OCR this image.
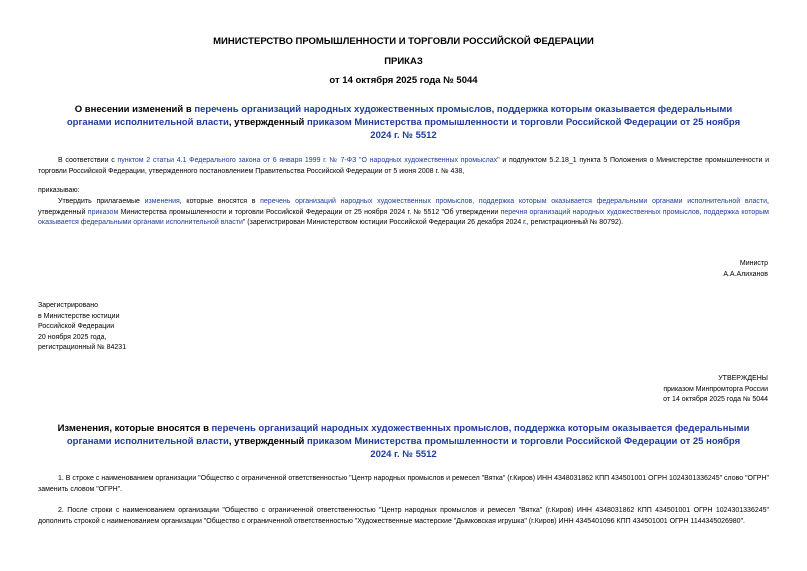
МИНИСТЕРСТВО ПРОМЫШЛЕННОСТИ И ТОРГОВЛИ РОССИЙСКОЙ ФЕДЕРАЦИИ
ПРИКАЗ
от 14 октября 2025 года № 5044
О внесении изменений в перечень организаций народных художественных промыслов, поддержка которым оказывается федеральными органами исполнительной власти, утвержденный приказом Министерства промышленности и торговли Российской Федерации от 25 ноября 2024 г. № 5512
В соответствии с пунктом 2 статьи 4.1 Федерального закона от 6 января 1999 г. № 7-ФЗ "О народных художественных промыслах" и подпунктом 5.2.18_1 пункта 5 Положения о Министерстве промышленности и торговли Российской Федерации, утвержденного постановлением Правительства Российской Федерации от 5 июня 2008 г. № 438,
приказываю:
Утвердить прилагаемые изменения, которые вносятся в перечень организаций народных художественных промыслов, поддержка которым оказывается федеральными органами исполнительной власти, утвержденный приказом Министерства промышленности и торговли Российской Федерации от 25 ноября 2024 г. № 5512 "Об утверждении перечня организаций народных художественных промыслов, поддержка которым оказывается федеральными органами исполнительной власти" (зарегистрирован Министерством юстиции Российской Федерации 26 декабря 2024 г., регистрационный № 80792).
Министр
А.А.Алиханов
Зарегистрировано
в Министерстве юстиции
Российской Федерации
20 ноября 2025 года,
регистрационный № 84231
УТВЕРЖДЕНЫ
приказом Минпромторга России
от 14 октября 2025 года № 5044
Изменения, которые вносятся в перечень организаций народных художественных промыслов, поддержка которым оказывается федеральными органами исполнительной власти, утвержденный приказом Министерства промышленности и торговли Российской Федерации от 25 ноября 2024 г. № 5512
1. В строке с наименованием организации "Общество с ограниченной ответственностью "Центр народных промыслов и ремесел "Вятка" (г.Киров) ИНН 4348031862 КПП 434501001 ОГРН 1024301336245" слово "ОГРН" заменить словом "ОГРН".
2. После строки с наименованием организации "Общество с ограниченной ответственностью "Центр народных промыслов и ремесел "Вятка" (г.Киров) ИНН 4348031862 КПП 434501001 ОГРН 1024301336245" дополнить строкой с наименованием организации "Общество с ограниченной ответственностью "Художественные мастерские "Дымковская игрушка" (г.Киров) ИНН 4345401096 КПП 434501001 ОГРН 1144345026980".
